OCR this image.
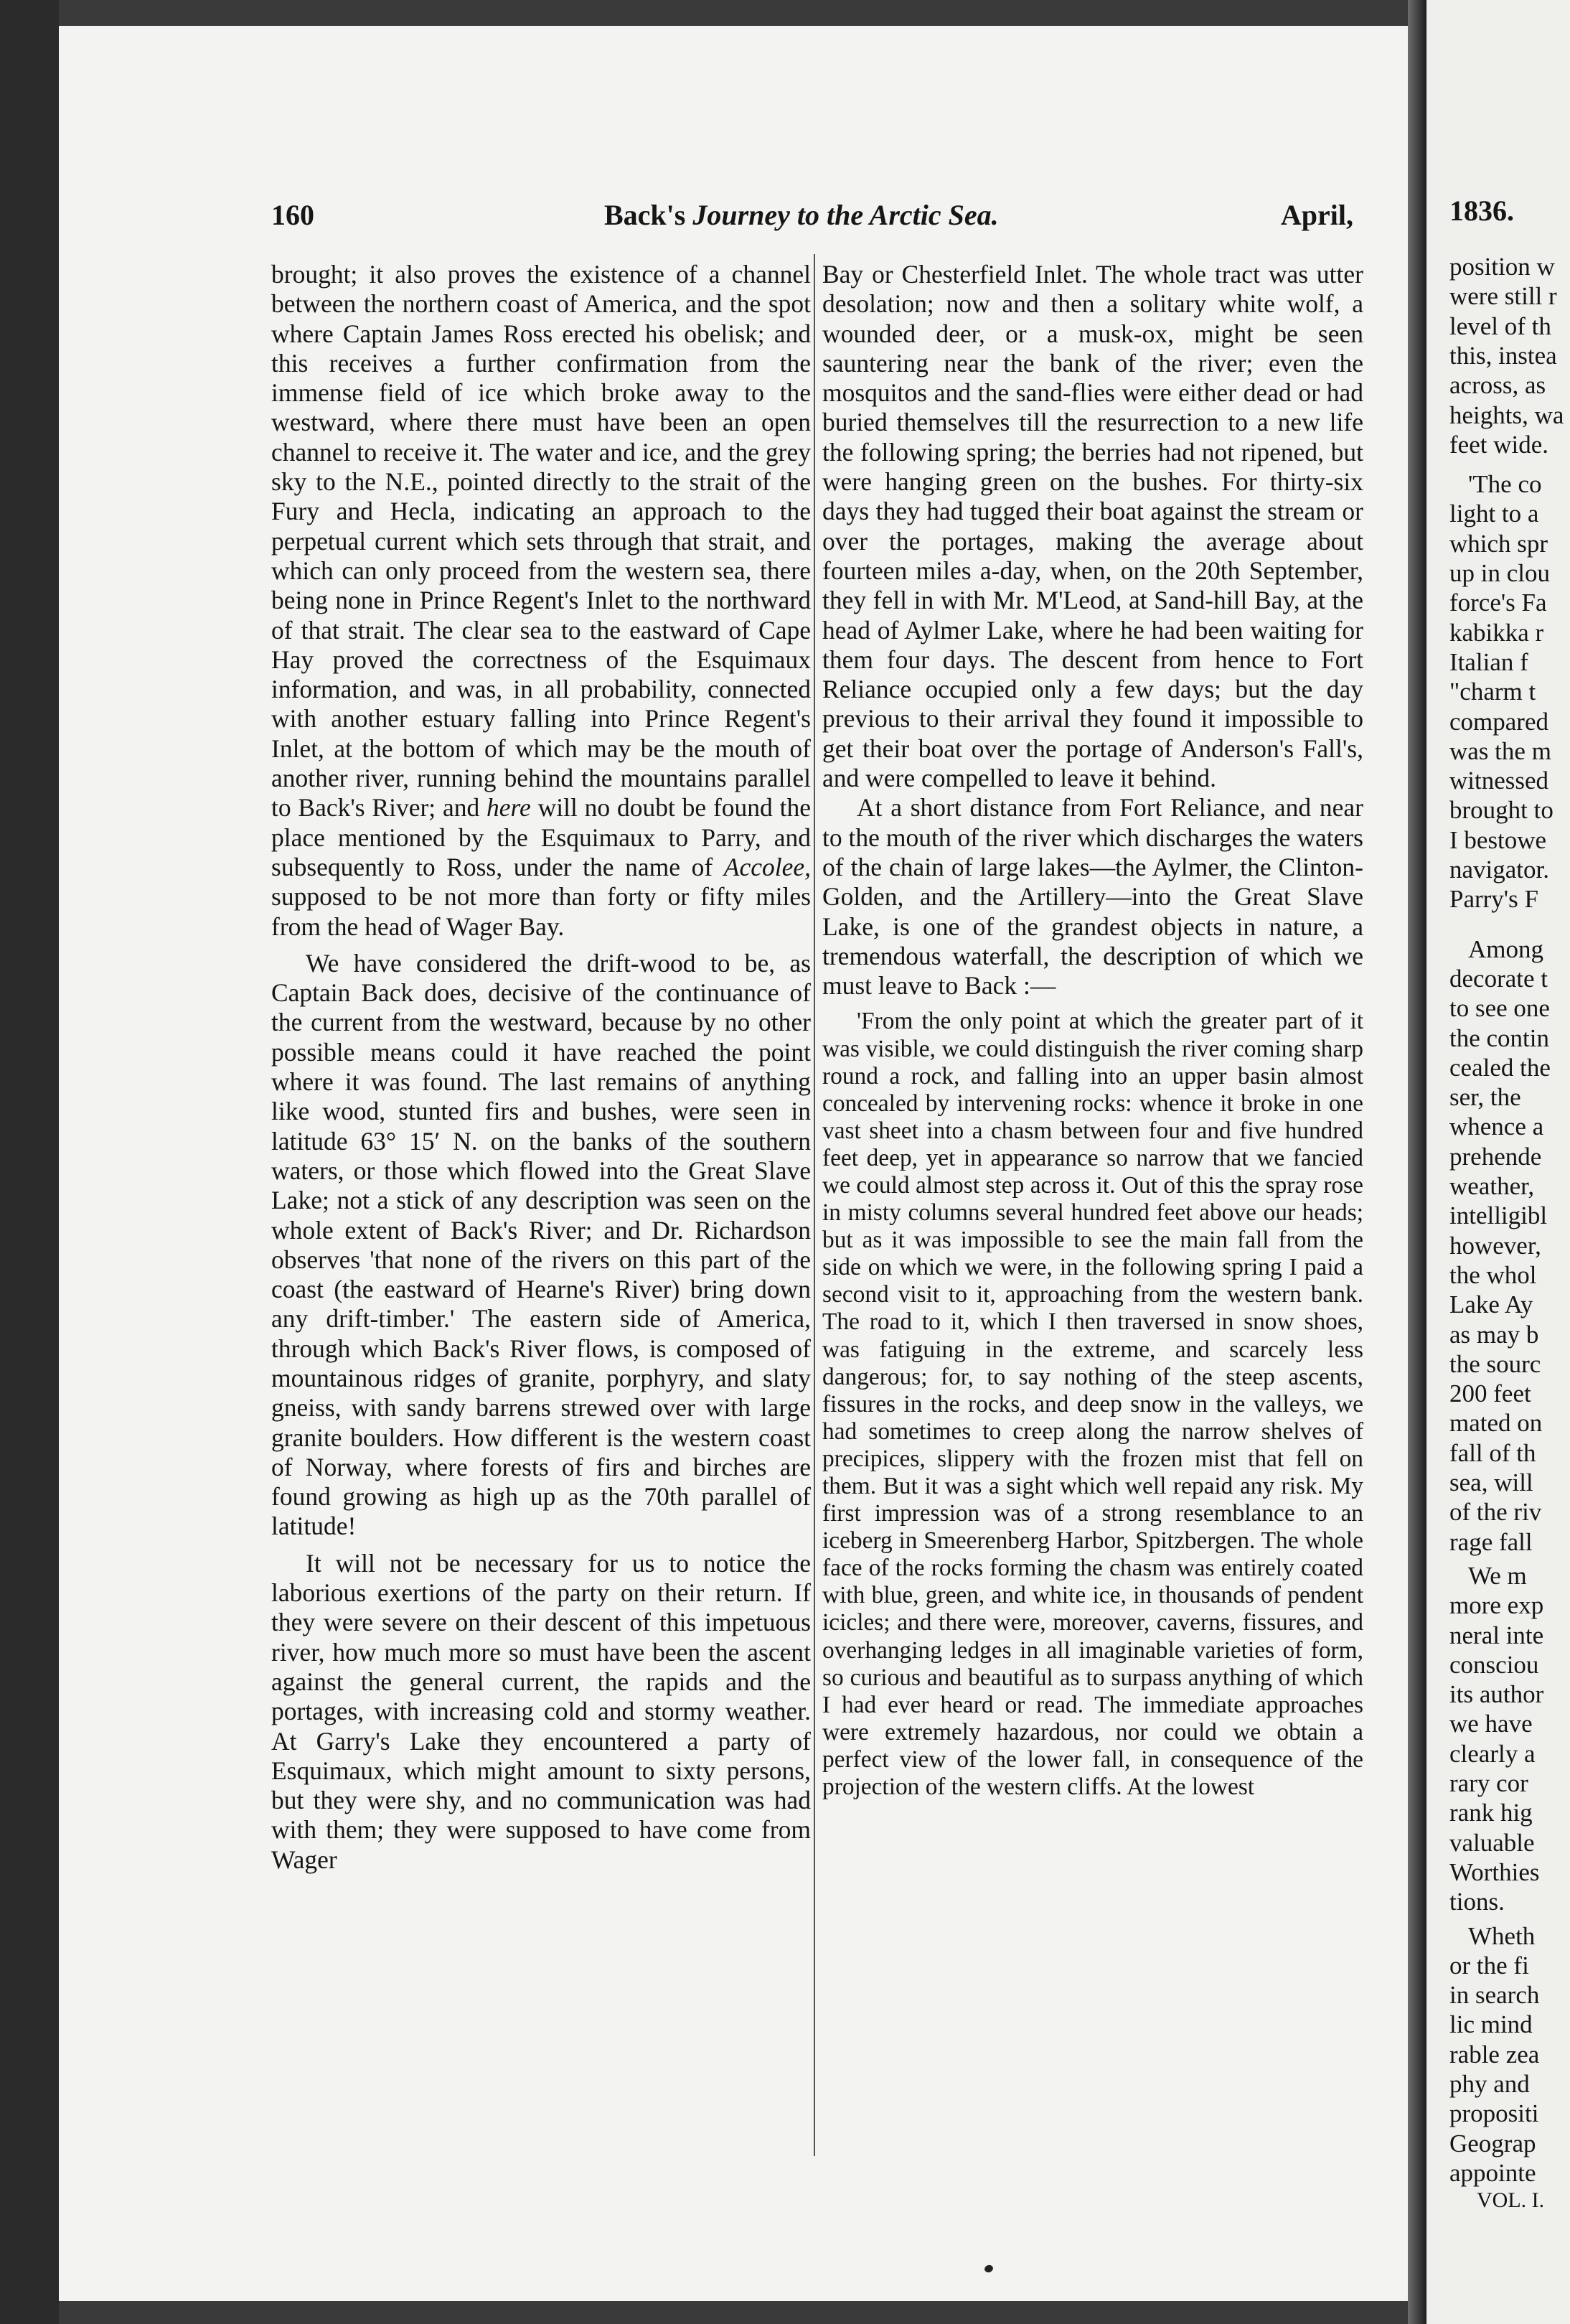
160	Back's Journey to the Arctic Sea.	April,

brought; it also proves the existence of a channel between the northern coast of America, and the spot where Captain James Ross erected his obelisk; and this receives a further confirmation from the immense field of ice which broke away to the westward, where there must have been an open channel to receive it. The water and ice, and the grey sky to the N.E., pointed directly to the strait of the Fury and Hecla, indicating an approach to the perpetual current which sets through that strait, and which can only proceed from the western sea, there being none in Prince Regent's Inlet to the northward of that strait. The clear sea to the eastward of Cape Hay proved the correctness of the Esquimaux information, and was, in all probability, connected with another estuary falling into Prince Regent's Inlet, at the bottom of which may be the mouth of another river, running behind the mountains parallel to Back's River; and here will no doubt be found the place mentioned by the Esquimaux to Parry, and subsequently to Ross, under the name of Accolee, supposed to be not more than forty or fifty miles from the head of Wager Bay.

We have considered the drift-wood to be, as Captain Back does, decisive of the continuance of the current from the westward, because by no other possible means could it have reached the point where it was found. The last remains of anything like wood, stunted firs and bushes, were seen in latitude 63° 15′ N. on the banks of the southern waters, or those which flowed into the Great Slave Lake; not a stick of any description was seen on the whole extent of Back's River; and Dr. Richardson observes 'that none of the rivers on this part of the coast (the eastward of Hearne's River) bring down any drift-timber.' The eastern side of America, through which Back's River flows, is composed of mountainous ridges of granite, porphyry, and slaty gneiss, with sandy barrens strewed over with large granite boulders. How different is the western coast of Norway, where forests of firs and birches are found growing as high up as the 70th parallel of latitude!

It will not be necessary for us to notice the laborious exertions of the party on their return. If they were severe on their descent of this impetuous river, how much more so must have been the ascent against the general current, the rapids and the portages, with increasing cold and stormy weather. At Garry's Lake they encountered a party of Esquimaux, which might amount to sixty persons, but they were shy, and no communication was had with them; they were supposed to have come from Wager

Bay or Chesterfield Inlet. The whole tract was utter desolation; now and then a solitary white wolf, a wounded deer, or a musk-ox, might be seen sauntering near the bank of the river; even the mosquitos and the sand-flies were either dead or had buried themselves till the resurrection to a new life the following spring; the berries had not ripened, but were hanging green on the bushes. For thirty-six days they had tugged their boat against the stream or over the portages, making the average about fourteen miles a-day, when, on the 20th September, they fell in with Mr. M'Leod, at Sand-hill Bay, at the head of Aylmer Lake, where he had been waiting for them four days. The descent from hence to Fort Reliance occupied only a few days; but the day previous to their arrival they found it impossible to get their boat over the portage of Anderson's Fall's, and were compelled to leave it behind.

At a short distance from Fort Reliance, and near to the mouth of the river which discharges the waters of the chain of large lakes—the Aylmer, the Clinton-Golden, and the Artillery—into the Great Slave Lake, is one of the grandest objects in nature, a tremendous waterfall, the description of which we must leave to Back :—

'From the only point at which the greater part of it was visible, we could distinguish the river coming sharp round a rock, and falling into an upper basin almost concealed by intervening rocks: whence it broke in one vast sheet into a chasm between four and five hundred feet deep, yet in appearance so narrow that we fancied we could almost step across it. Out of this the spray rose in misty columns several hundred feet above our heads; but as it was impossible to see the main fall from the side on which we were, in the following spring I paid a second visit to it, approaching from the western bank. The road to it, which I then traversed in snow shoes, was fatiguing in the extreme, and scarcely less dangerous; for, to say nothing of the steep ascents, fissures in the rocks, and deep snow in the valleys, we had sometimes to creep along the narrow shelves of precipices, slippery with the frozen mist that fell on them. But it was a sight which well repaid any risk. My first impression was of a strong resemblance to an iceberg in Smeerenberg Harbor, Spitzbergen. The whole face of the rocks forming the chasm was entirely coated with blue, green, and white ice, in thousands of pendent icicles; and there were, moreover, caverns, fissures, and overhanging ledges in all imaginable varieties of form, so curious and beautiful as to surpass anything of which I had ever heard or read. The immediate approaches were extremely hazardous, nor could we obtain a perfect view of the lower fall, in consequence of the projection of the western cliffs. At the lowest

1836.
position w
were still r
level of th
this, instea
across, as
heights, wa
feet wide.
'The co
light to a
which spr
up in clou
force's Fa
kabikka r
Italian f
"charm t
compared
was the m
witnessed
brought to
I bestowe
navigator.
Parry's F
Among
decorate t
to see one
the contin
cealed the
ser, the
whence a
prehende
weather,
intelligibl
however,
the whol
Lake Ay
as may b
the sourc
200 feet
mated on
fall of th
sea, will
of the riv
rage fall
We m
more exp
neral inte
consciou
its author
we have
clearly a
rary cor
rank hig
valuable
Worthies
tions.
Wheth
or the fi
in search
lic mind
rable zea
phy and
propositi
Geograp
appointe
VOL. I.
